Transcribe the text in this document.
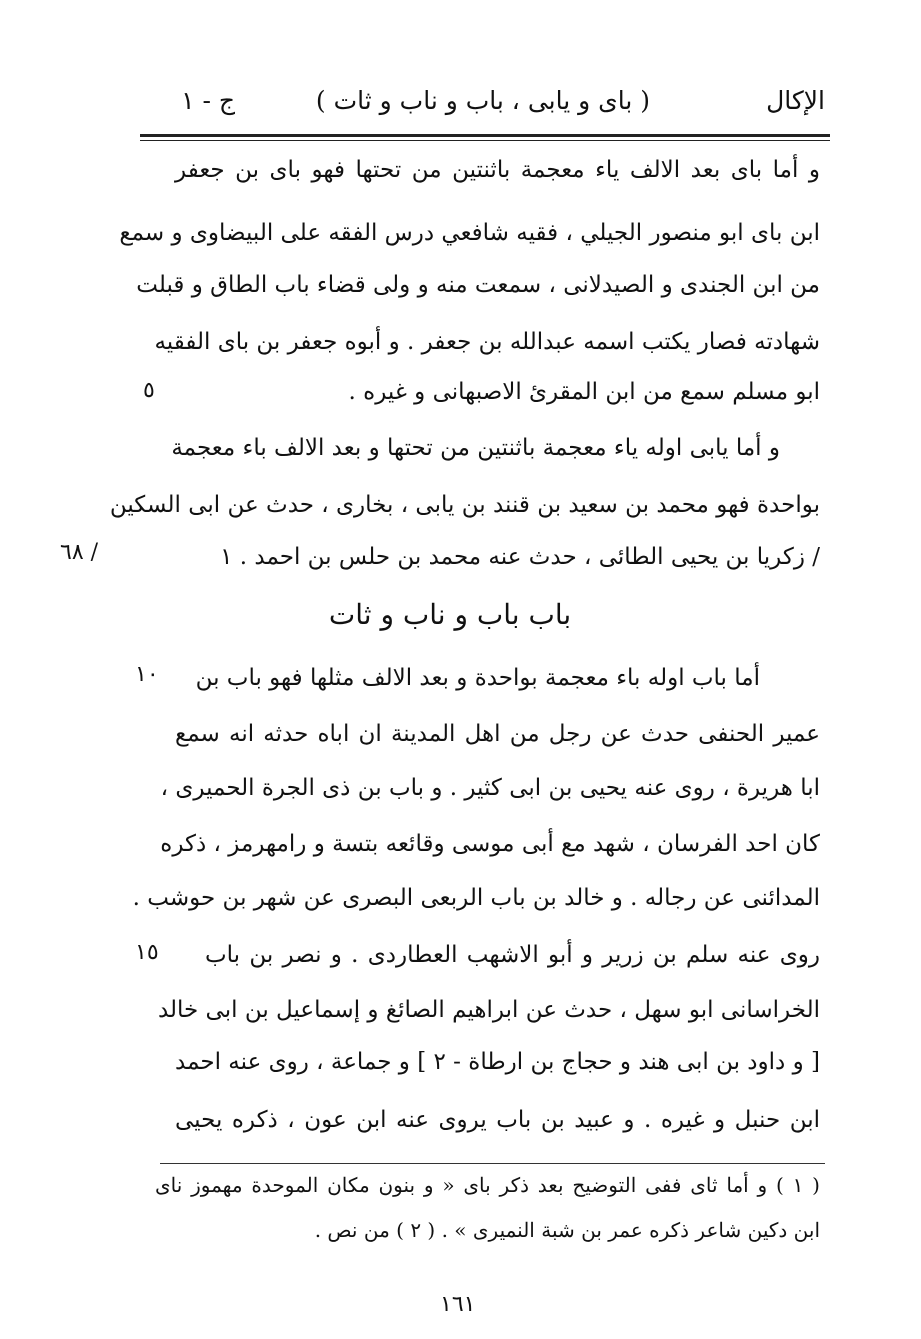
الإكال
( باى و يابى ، باب و ناب و ثات )
ج - ١
و أما باى بعد الالف ياء معجمة باثنتين من تحتها فهو باى بن جعفر
ابن باى ابو منصور الجيلي ، فقيه شافعي درس الفقه على البيضاوى و سمع
من ابن الجندى و الصيدلانى ، سمعت منه و ولى قضاء باب الطاق و قبلت
شهادته فصار يكتب اسمه عبدالله بن جعفر . و أبوه جعفر بن باى الفقيه
ابو مسلم سمع من ابن المقرئ الاصبهانى و غيره .
و أما يابى اوله ياء معجمة باثنتين من تحتها و بعد الالف باء معجمة
بواحدة فهو محمد بن سعيد بن قنند بن يابى ، بخارى ، حدث عن ابى السكين
/ زكريا بن يحيى الطائى ، حدث عنه محمد بن حلس بن احمد . ١
باب باب و ناب و ثات
أما باب اوله باء معجمة بواحدة و بعد الالف مثلها فهو باب بن
عمير الحنفى حدث عن رجل من اهل المدينة ان اباه حدثه انه سمع
ابا هريرة ، روى عنه يحيى بن ابى كثير . و باب بن ذى الجرة الحميرى ،
كان احد الفرسان ، شهد مع أبى موسى وقائعه بتسة و رامهرمز ، ذكره
المدائنى عن رجاله . و خالد بن باب الربعى البصرى عن شهر بن حوشب .
روى عنه سلم بن زرير و أبو الاشهب العطاردى . و نصر بن باب
الخراسانى ابو سهل ، حدث عن ابراهيم الصائغ و إسماعيل بن ابى خالد
[ و داود بن ابى هند و حجاج بن ارطاة - ٢ ] و جماعة ، روى عنه احمد
ابن حنبل و غيره . و عبيد بن باب يروى عنه ابن عون ، ذكره يحيى
٥
٦٨ /
١٠
١٥
( ١ ) و أما ثاى ففى التوضيح بعد ذكر باى « و بنون مكان الموحدة مهموز ناى
ابن دكين شاعر ذكره عمر بن شبة النميرى » . ( ٢ ) من نص .
١٦١
